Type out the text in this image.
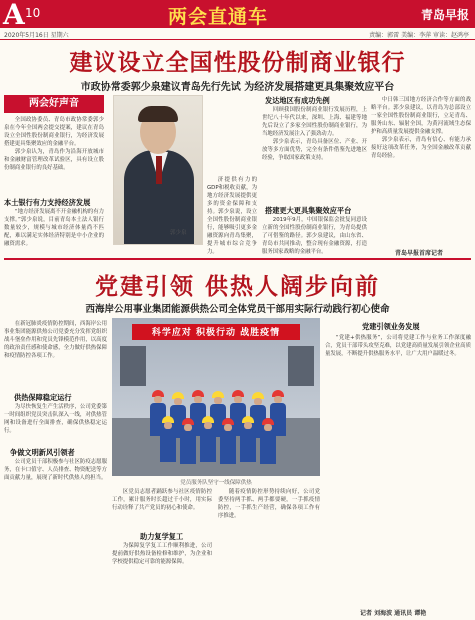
A 10	两会直通车	青岛早报
2020年5月16日 星期六	责编：郭雷 美编：李萍 审读：赵鸿亭
建议设立全国性股份制商业银行
市政协常委郭少泉建议青岛先行先试 为经济发展搭建更具集聚效应平台
两会好声音

全国政协委员、青岛市政协常委郭少泉在今年全国两会提交提案，建议在青岛设立全国性股份制商业银行，为经济发展搭建更具集聚效应的金融平台。

郭少泉认为，青岛作为沿海开放城市和金融财富管理改革试验区，具有设立股份制商业银行的良好基础。

本土银行有力支持经济发展

“地方经济发展离不开金融机构的有力支撑。”郭少泉说，目前青岛本土法人银行数量较少，规模与城市经济体量尚不匹配，难以满足实体经济特别是中小企业的融资需求。

郭少泉

济提供有力的GDP和税收贡献，为地方经济发展提供更多的资金保障和支持。郭少泉说，设立全国性股份制商业银行，能够吸引更多金融资源向青岛集聚，提升城市综合竞争力。

发达地区有成功先例

回顾我国股份制商业银行发展历程，上世纪八十年代以来，深圳、上海、福建等地先后设立了多家全国性股份制商业银行，为当地经济发展注入了强劲动力。

郭少泉表示，青岛具备区位、产业、开放等多方面优势，完全有条件借鉴先进地区经验，争取国家政策支持。

搭建更大更具集聚效应平台

2019年9月，中国银保监会批复同意设立新的全国性股份制商业银行，为青岛提供了可借鉴的路径。郭少泉建议，由山东省、青岛市共同推动，整合现有金融资源，打造服务国家战略的金融平台。

中日韩三国地方经济合作等方面的战略平台。郭少泉建议，以青岛为总部设立一家全国性股份制商业银行，立足青岛、服务山东、辐射全国，为黄河流域生态保护和高质量发展提供金融支撑。

郭少泉表示，青岛有信心、有能力承接好这项改革任务，为全国金融改革贡献青岛经验。

青岛早报首席记者
党建引领 供热人阔步向前
西海岸公用事业集团能源供热公司全体党员干部用实际行动践行初心使命

在新冠肺炎疫情防控期间，西海岸公用事业集团能源供热公司党委充分发挥党组织战斗堡垒作用和党员先锋模范作用，以高度的政治责任感和使命感，全力做好供热保障和疫情防控各项工作。

供热保障稳定运行

为尽快恢复生产生活秩序，公司党委第一时间组织党员突击队深入一线，对供热管网和设备进行全面排查，确保供热稳定运行。

争做文明新风引领者

公司党员干部积极参与社区防疫志愿服务，在卡口值守、人员排查、物资配送等方面贡献力量，展现了新时代供热人的担当。

科学应对 积极行动 战胜疫情
党员服务队坚守一线保障供热

区党员志愿者踊跃参与社区疫情防控工作，累计服务时长超过千小时，用实际行动诠释了共产党员的初心和使命。

助力复学复工

为保障复学复工工作顺利推进，公司提前做好供热设备检修和维护，为企业和学校提供稳定可靠的能源保障。

随着疫情防控形势持续向好，公司党委坚持两手抓、两手都要硬，一手抓疫情防控，一手抓生产经营，确保各项工作有序推进。

党建引领业务发展

“党建+供热服务”，公司将党建工作与业务工作深度融合，党员干部带头攻坚克难，以党建高质量发展引领企业高质量发展，不断提升供热服务水平，让广大用户温暖过冬。

记者 刘海波 通讯员 谭艳
